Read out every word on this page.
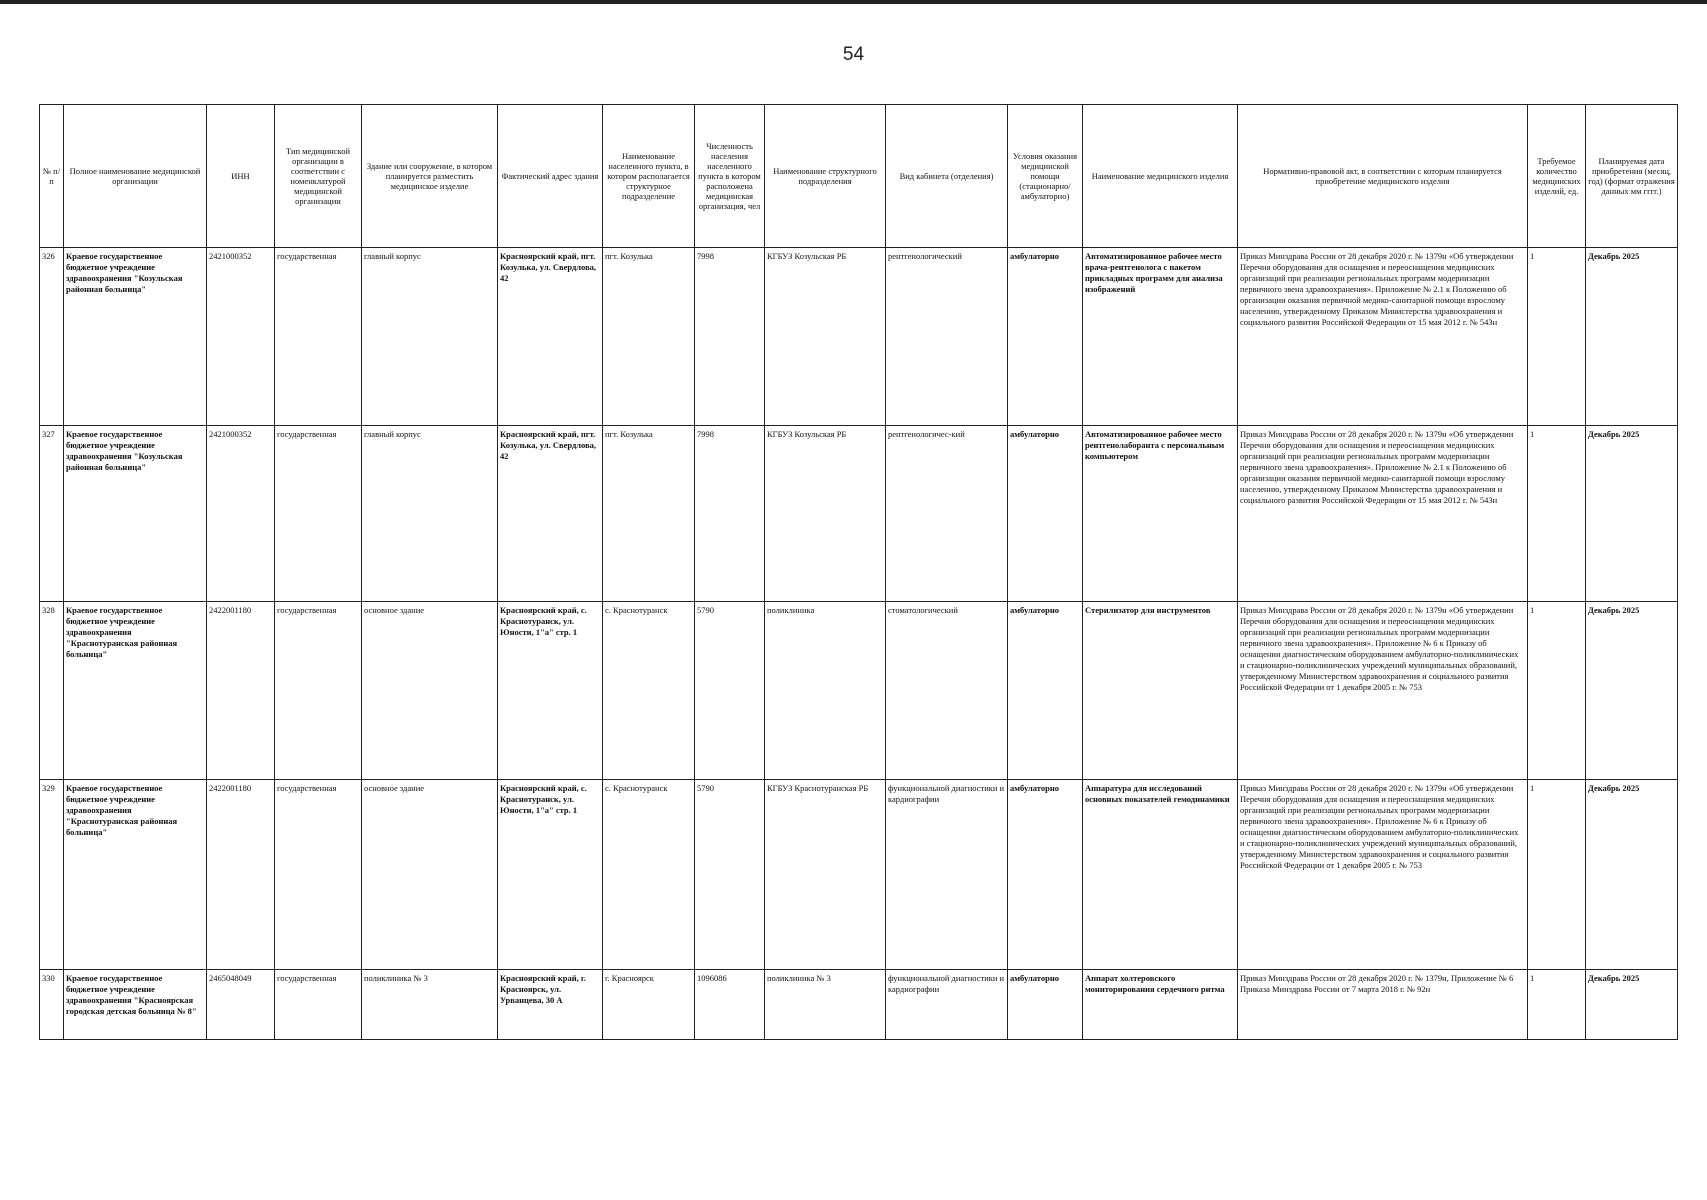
54
№ п/п	Полное наименование медицинской организации	ИНН	Тип медицинской организации в соответствии с номенклатурой медицинской организации	Здание или сооружение, в котором планируется разместить медицинское изделие	Фактический адрес здания	Наименование населенного пункта, в котором располагается структурное подразделение	Численность населения населенного пункта в котором расположена медицинская организация, чел	Наименование структурного подразделения	Вид кабинета (отделения)	Условия оказания медицинской помощи (стационарно/амбулаторно)	Наименование медицинского изделия	Нормативно-правовой акт, в соответствии с которым планируется приобретение медицинского изделия	Требуемое количество медицинских изделий, ед.	Планируемая дата приобретения (месяц, год) (формат отражения данных мм гггг.)
326	Краевое государственное бюджетное учреждение здравоохранения "Козульская районная больница"	2421000352	государственная	главный корпус	Красноярский край, пгт. Козулька, ул. Свердлова, 42	пгт. Козулька	7998	КГБУЗ Козульская РБ	рентгенологический	амбулаторно	Автоматизированное рабочее место врача-рентгенолога с пакетом прикладных программ для анализа изображений	Приказ Минздрава России от 28 декабря 2020 г. № 1379н «Об утверждении Перечня оборудования для оснащения и переоснащения медицинских организаций при реализации региональных программ модернизации первичного звена здравоохранения». Приложение № 2.1 к Положению об организации оказания первичной медико-санитарной помощи взрослому населению, утвержденному Приказом Министерства здравоохранения и социального развития Российской Федерации от 15 мая 2012 г. № 543н	1	Декабрь 2025
327	Краевое государственное бюджетное учреждение здравоохранения "Козульская районная больница"	2421000352	государственная	главный корпус	Красноярский край, пгт. Козулька, ул. Свердлова, 42	пгт. Козулька	7998	КГБУЗ Козульская РБ	рентгенологичес-кий	амбулаторно	Автоматизированное рабочее место рентгенолаборанта с персональным компьютером	Приказ Минздрава России от 28 декабря 2020 г. № 1379н «Об утверждении Перечня оборудования для оснащения и переоснащения медицинских организаций при реализации региональных программ модернизации первичного звена здравоохранения». Приложение № 2.1 к Положению об организации оказания первичной медико-санитарной помощи взрослому населению, утвержденному Приказом Министерства здравоохранения и социального развития Российской Федерации от 15 мая 2012 г. № 543н	1	Декабрь 2025
328	Краевое государственное бюджетное учреждение здравоохранения "Краснотуранская районная больница"	2422001180	государственная	основное здание	Красноярский край, с. Краснотуранск, ул. Юности, 1"а" стр. 1	с. Краснотуранск	5790	поликлиника	стоматологический	амбулаторно	Стерилизатор для инструментов	Приказ Минздрава России от 28 декабря 2020 г. № 1379н «Об утверждении Перечня оборудования для оснащения и переоснащения медицинских организаций при реализации региональных программ модернизации первичного звена здравоохранения». Приложение № 6 к Приказу об оснащении диагностическим оборудованием амбулаторно-поликлинических и стационарно-поликлинических учреждений муниципальных образований, утвержденному Министерством здравоохранения и социального развития Российской Федерации от 1 декабря 2005 г. № 753	1	Декабрь 2025
329	Краевое государственное бюджетное учреждение здравоохранения "Краснотуранская районная больница"	2422001180	государственная	основное здание	Красноярский край, с. Краснотуранск, ул. Юности, 1"а" стр. 1	с. Краснотуранск	5790	КГБУЗ Краснотуранская РБ	функциональной диагностики и кардиографии	амбулаторно	Аппаратура для исследований основных показателей гемодинамики	Приказ Минздрава России от 28 декабря 2020 г. № 1379н «Об утверждении Перечня оборудования для оснащения и переоснащения медицинских организаций при реализации региональных программ модернизации первичного звена здравоохранения». Приложение № 6 к Приказу об оснащении диагностическим оборудованием амбулаторно-поликлинических и стационарно-поликлинических учреждений муниципальных образований, утвержденному Министерством здравоохранения и социального развития Российской Федерации от 1 декабря 2005 г. № 753	1	Декабрь 2025
330	Краевое государственное бюджетное учреждение здравоохранения "Красноярская городская детская больница № 8"	2465048049	государственная	поликлиника № 3	Красноярский край, г. Красноярск, ул. Урванцева, 30 А	г. Красноярск	1096086	поликлиника № 3	функциональной диагностики и кардиографии	амбулаторно	Аппарат холтеровского мониторирования сердечного ритма	Приказ Минздрава России от 28 декабря 2020 г. № 1379н, Приложение № 6 Приказа Минздрава России от 7 марта 2018 г. № 92н	1	Декабрь 2025
